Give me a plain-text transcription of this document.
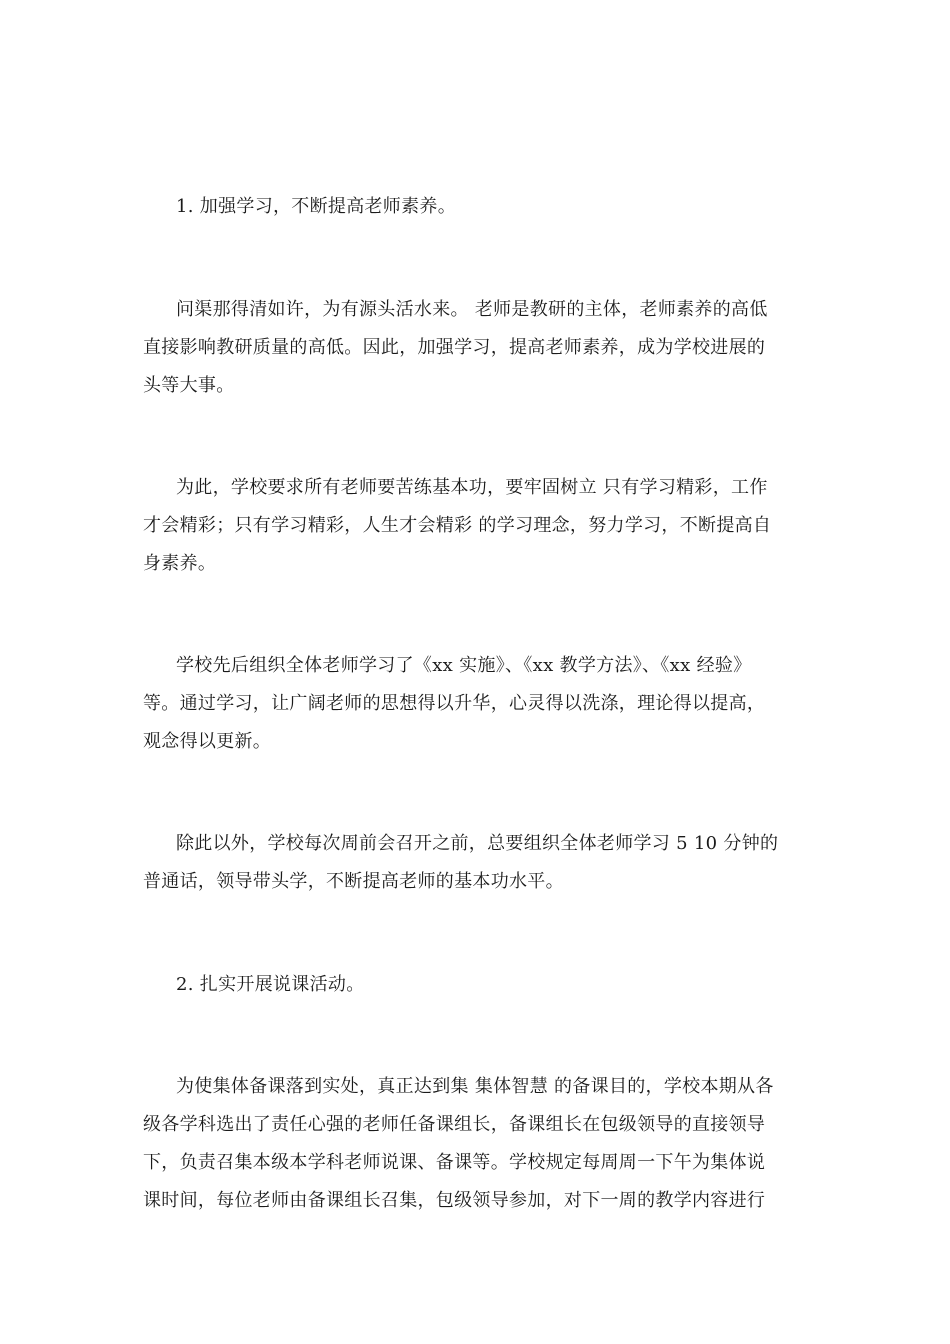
1. 加强学习，不断提高老师素养。

问渠那得清如许，为有源头活水来。 老师是教研的主体，老师素养的高低
直接影响教研质量的高低。因此，加强学习，提高老师素养，成为学校进展的
头等大事。

为此，学校要求所有老师要苦练基本功，要牢固树立 只有学习精彩，工作
才会精彩；只有学习精彩，人生才会精彩 的学习理念，努力学习，不断提高自
身素养。

学校先后组织全体老师学习了《xx 实施》、《xx 教学方法》、《xx 经验》
等。通过学习，让广阔老师的思想得以升华，心灵得以洗涤，理论得以提高，
观念得以更新。

除此以外，学校每次周前会召开之前，总要组织全体老师学习 5 10 分钟的
普通话，领导带头学，不断提高老师的基本功水平。

2. 扎实开展说课活动。

为使集体备课落到实处，真正达到集 集体智慧 的备课目的，学校本期从各
级各学科选出了责任心强的老师任备课组长，备课组长在包级领导的直接领导
下，负责召集本级本学科老师说课、备课等。学校规定每周周一下午为集体说
课时间，每位老师由备课组长召集，包级领导参加，对下一周的教学内容进行
